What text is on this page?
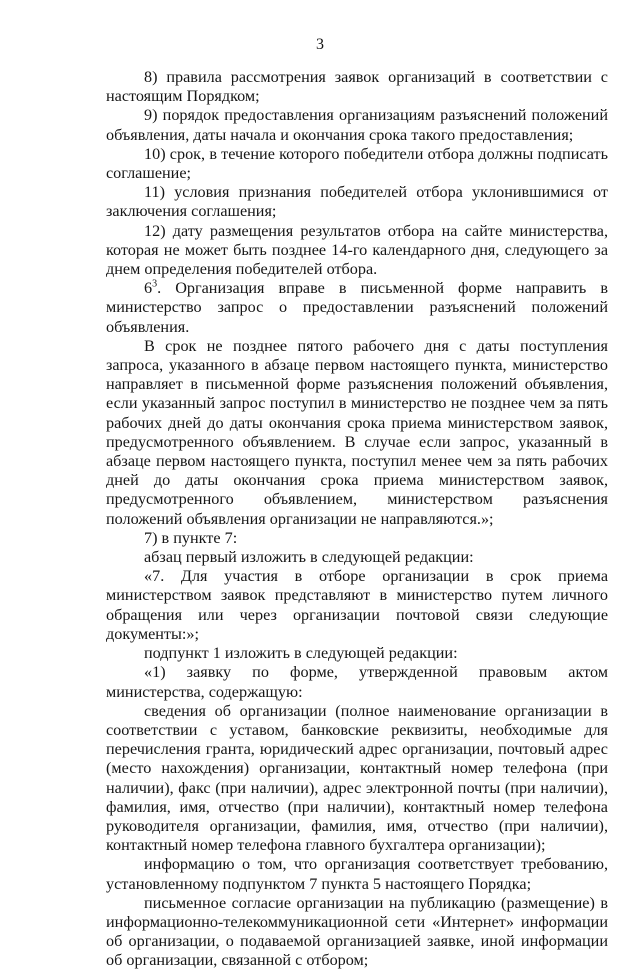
3

8) правила рассмотрения заявок организаций в соответствии с настоящим Порядком;

9) порядок предоставления организациям разъяснений положений объявления, даты начала и окончания срока такого предоставления;

10) срок, в течение которого победители отбора должны подписать соглашение;

11) условия признания победителей отбора уклонившимися от заключения соглашения;

12) дату размещения результатов отбора на сайте министерства, которая не может быть позднее 14-го календарного дня, следующего за днем определения победителей отбора.

$6^3$. Организация вправе в письменной форме направить в министерство запрос о предоставлении разъяснений положений объявления.

В срок не позднее пятого рабочего дня с даты поступления запроса, указанного в абзаце первом настоящего пункта, министерство направляет в письменной форме разъяснения положений объявления, если указанный запрос поступил в министерство не позднее чем за пять рабочих дней до даты окончания срока приема министерством заявок, предусмотренного объявлением. В случае если запрос, указанный в абзаце первом настоящего пункта, поступил менее чем за пять рабочих дней до даты окончания срока приема министерством заявок, предусмотренного объявлением, министерством разъяснения положений объявления организации не направляются.»;

7) в пункте 7:

абзац первый изложить в следующей редакции:

«7. Для участия в отборе организации в срок приема министерством заявок представляют в министерство путем личного обращения или через организации почтовой связи следующие документы:»;

подпункт 1 изложить в следующей редакции:

«1) заявку по форме, утвержденной правовым актом министерства, содержащую:

сведения об организации (полное наименование организации в соответствии с уставом, банковские реквизиты, необходимые для перечисления гранта, юридический адрес организации, почтовый адрес (место нахождения) организации, контактный номер телефона (при наличии), факс (при наличии), адрес электронной почты (при наличии), фамилия, имя, отчество (при наличии), контактный номер телефона руководителя организации, фамилия, имя, отчество (при наличии), контактный номер телефона главного бухгалтера организации);

информацию о том, что организация соответствует требованию, установленному подпунктом 7 пункта 5 настоящего Порядка;

письменное согласие организации на публикацию (размещение) в информационно-телекоммуникационной сети «Интернет» информации об организации, о подаваемой организацией заявке, иной информации об организации, связанной с отбором;
